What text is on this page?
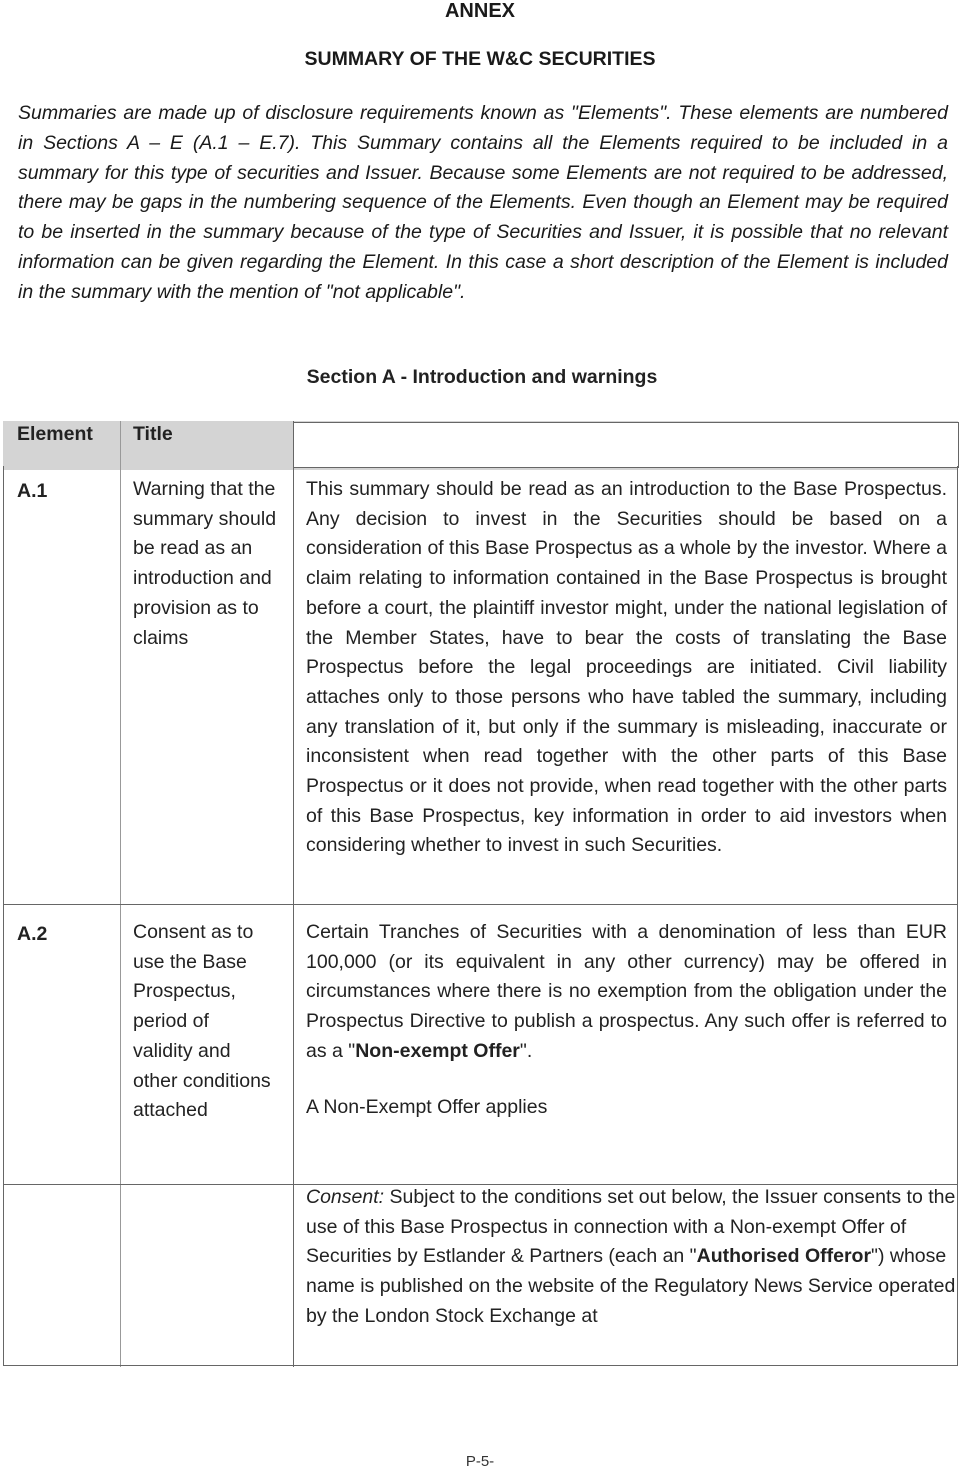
ANNEX
SUMMARY OF THE W&C SECURITIES
Summaries are made up of disclosure requirements known as "Elements". These elements are numbered in Sections A – E (A.1 – E.7). This Summary contains all the Elements required to be included in a summary for this type of securities and Issuer. Because some Elements are not required to be addressed, there may be gaps in the numbering sequence of the Elements. Even though an Element may be required to be inserted in the summary because of the type of Securities and Issuer, it is possible that no relevant information can be given regarding the Element. In this case a short description of the Element is included in the summary with the mention of "not applicable".
Section A - Introduction and warnings
Element Title
A.1	Warning that the summary should be read as an introduction and provision as to claims
This summary should be read as an introduction to the Base Prospectus. Any decision to invest in the Securities should be based on a consideration of this Base Prospectus as a whole by the investor. Where a claim relating to information contained in the Base Prospectus is brought before a court, the plaintiff investor might, under the national legislation of the Member States, have to bear the costs of translating the Base Prospectus before the legal proceedings are initiated. Civil liability attaches only to those persons who have tabled the summary, including any translation of it, but only if the summary is misleading, inaccurate or inconsistent when read together with the other parts of this Base Prospectus or it does not provide, when read together with the other parts of this Base Prospectus, key information in order to aid investors when considering whether to invest in such Securities.
A.2	Consent as to use the Base Prospectus, period of validity and other conditions attached
Certain Tranches of Securities with a denomination of less than EUR 100,000 (or its equivalent in any other currency) may be offered in circumstances where there is no exemption from the obligation under the Prospectus Directive to publish a prospectus. Any such offer is referred to as a "Non-exempt Offer".
A Non-Exempt Offer applies
Consent: Subject to the conditions set out below, the Issuer consents to the use of this Base Prospectus in connection with a Non-exempt Offer of Securities by Estlander & Partners (each an "Authorised Offeror") whose name is published on the website of the Regulatory News Service operated by the London Stock Exchange at
P-5-
